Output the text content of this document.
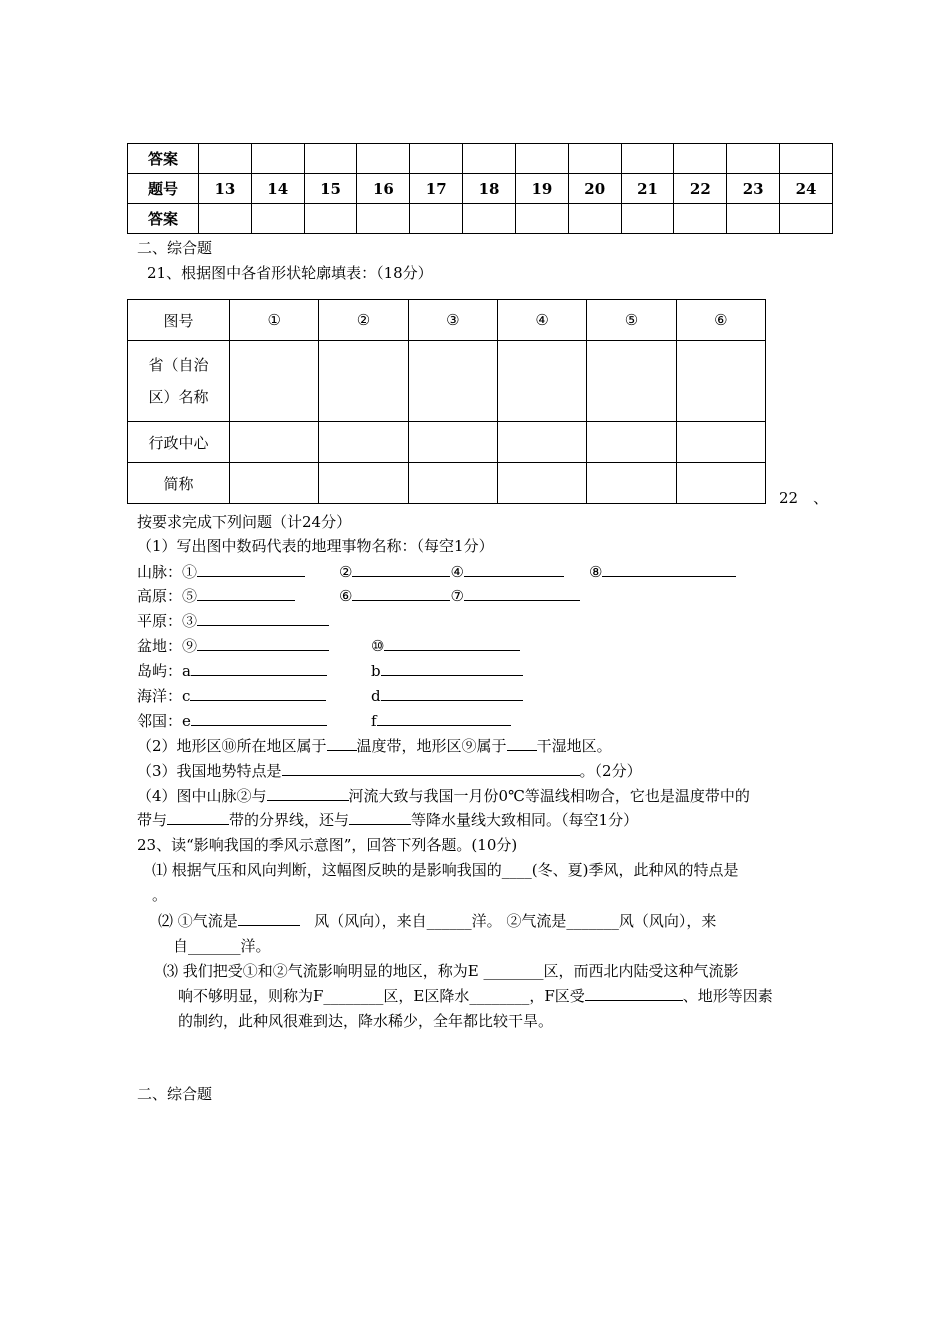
答案												
题号	13	14	15	16	17	18	19	20	21	22	23	24
答案												
二、综合题
21、根据图中各省形状轮廓填表：（18分）
图号	①	②	③	④	⑤	⑥

省（自治
区）名称						

行政中心						
简称						
22　、
按要求完成下列问题（计24分）
（1）写出图中数码代表的地理事物名称：（每空1分）
山脉：①	②	④	⑧
高原：⑤	⑥	⑦
平原：③
盆地：⑨	⑩
岛屿：a	b
海洋：c	d
邻国：e	f
（2）地形区⑩所在地区属于 温度带，地形区⑨属于 干湿地区。
（3）我国地势特点是	。（2分）
（4）图中山脉②与	河流大致与我国一月份0℃等温线相吻合，它也是温度带中的
带与	带的分界线，还与	等降水量线大致相同。（每空1分）
23、读“影响我国的季风示意图”，回答下列各题。(10分)
⑴ 根据气压和风向判断，这幅图反映的是影响我国的____(冬、夏)季风，此种风的特点是
。
⑵ ①气流是	风（风向），来自______洋。 ②气流是_______风（风向），来
自_______洋。
⑶ 我们把受①和②气流影响明显的地区，称为E ________区，而西北内陆受这种气流影
响不够明显，则称为F________区，E区降水________，F区受	、地形等因素
的制约，此种风很难到达，降水稀少，全年都比较干旱。
二、综合题
